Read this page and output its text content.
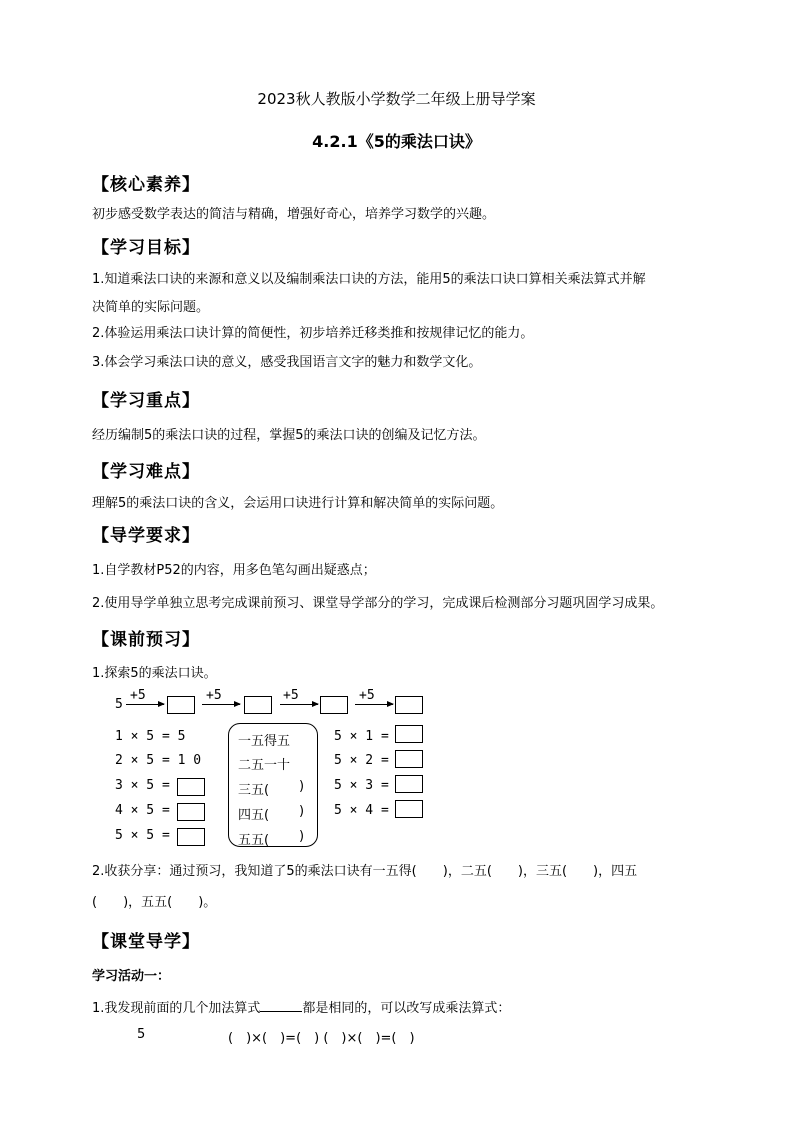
2023秋人教版小学数学二年级上册导学案
4.2.1《5的乘法口诀》
【核心素养】
初步感受数学表达的简洁与精确，增强好奇心，培养学习数学的兴趣。
【学习目标】
1.知道乘法口诀的来源和意义以及编制乘法口诀的方法，能用5的乘法口诀口算相关乘法算式并解
决简单的实际问题。
2.体验运用乘法口诀计算的简便性，初步培养迁移类推和按规律记忆的能力。
3.体会学习乘法口诀的意义，感受我国语言文字的魅力和数学文化。
【学习重点】
经历编制5的乘法口诀的过程，掌握5的乘法口诀的创编及记忆方法。
【学习难点】
理解5的乘法口诀的含义，会运用口诀进行计算和解决简单的实际问题。
【导学要求】
1.自学教材P52的内容，用多色笔勾画出疑惑点；
2.使用导学单独立思考完成课前预习、课堂导学部分的学习，完成课后检测部分习题巩固学习成果。
【课前预习】
1.探索5的乘法口诀。
5
+5	+5	+5	+5
1 × 5 = 5
2 × 5 = 1 0
3 × 5 =
4 × 5 =
5 × 5 =
一五得五
二五一十
三五( )
四五( )
五五( )
5 × 1 =
5 × 2 =
5 × 3 =
5 × 4 =
2.收获分享：通过预习，我知道了5的乘法口诀有一五得(　　)，二五(　　)，三五(　　)，四五
(　　)，五五(　　)。
【课堂导学】
学习活动一：
1.我发现前面的几个加法算式	都是相同的，可以改写成乘法算式：
5	(　)×(　)=(　) (　)×(　)=(　)
